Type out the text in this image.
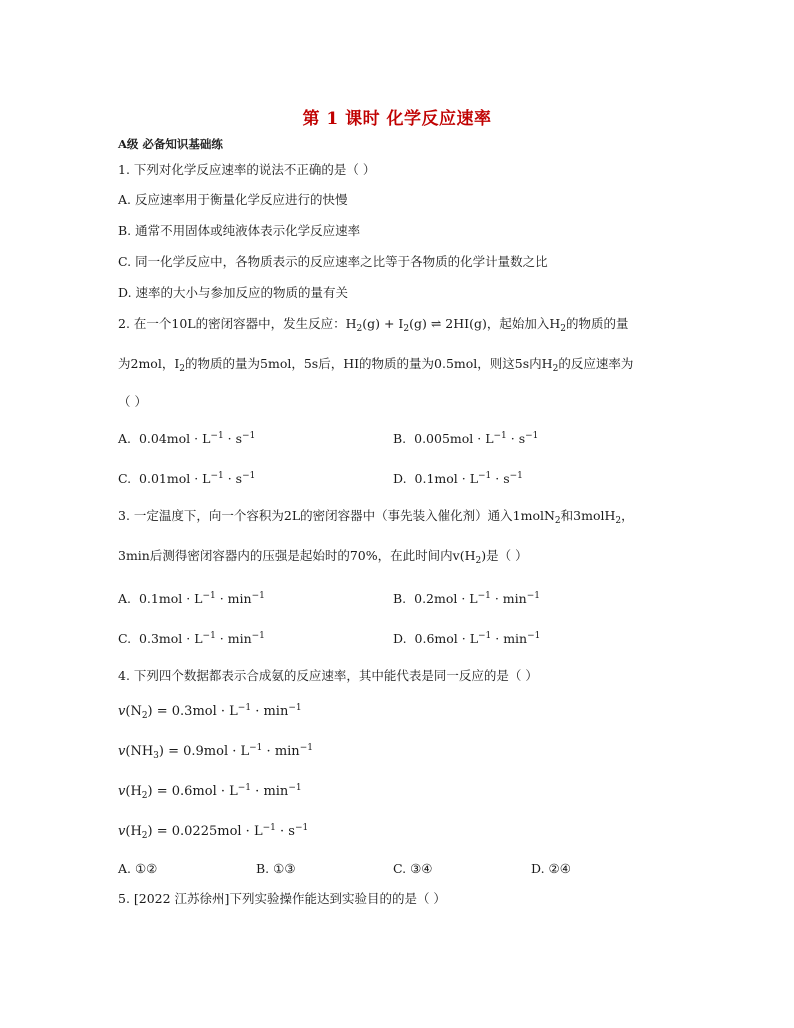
第 1 课时 化学反应速率
A级 必备知识基础练
1. 下列对化学反应速率的说法不正确的是（ ）
A. 反应速率用于衡量化学反应进行的快慢
B. 通常不用固体或纯液体表示化学反应速率
C. 同一化学反应中，各物质表示的反应速率之比等于各物质的化学计量数之比
D. 速率的大小与参加反应的物质的量有关
2. 在一个10L的密闭容器中，发生反应：$H_2(g) + I_2(g)$ ⇌ 2HI(g)，起始加入$H_2$的物质的量
为2mol，$I_2$的物质的量为5mol，5s后，HI的物质的量为0.5mol，则这5s内$H_2$的反应速率为
（ ）
A. $0.04mol \cdot L^{-1} \cdot s^{-1}$	B. $0.005mol \cdot L^{-1} \cdot s^{-1}$
C. $0.01mol \cdot L^{-1} \cdot s^{-1}$	D. $0.1mol \cdot L^{-1} \cdot s^{-1}$
3. 一定温度下，向一个容积为2L的密闭容器中（事先装入催化剂）通入1molN$_2$和3molH$_2$，
3min后测得密闭容器内的压强是起始时的70%，在此时间内$v(H_2)$是（ ）
A. $0.1mol \cdot L^{-1} \cdot \min^{-1}$	B. $0.2mol \cdot L^{-1} \cdot \min^{-1}$
C. $0.3mol \cdot L^{-1} \cdot \min^{-1}$	D. $0.6mol \cdot L^{-1} \cdot \min^{-1}$
4. 下列四个数据都表示合成氨的反应速率，其中能代表是同一反应的是（ ）
$v(N_2) = 0.3mol \cdot L^{-1} \cdot \min^{-1}$
$v(NH_3) = 0.9mol \cdot L^{-1} \cdot \min^{-1}$
$v(H_2) = 0.6mol \cdot L^{-1} \cdot \min^{-1}$
$v(H_2) = 0.0225mol \cdot L^{-1} \cdot s^{-1}$
A. ①②	B. ①③	C. ③④	D. ②④
5. [2022 江苏徐州]下列实验操作能达到实验目的的是（ ）
